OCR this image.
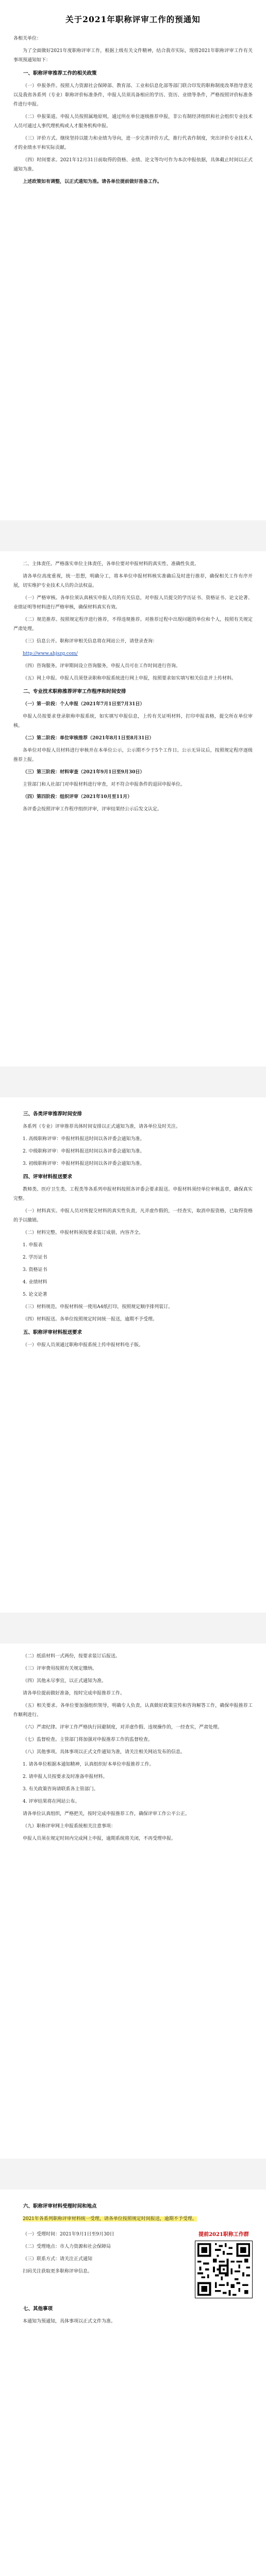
关于2021年职称评审工作的预通知

各相关单位：

为了全面做好2021年度职称评审工作，根据上级有关文件精神，结合我市实际，现将2021年职称评审工作有关事项预通知如下：

一、职称评审推荐工作的相关政策

（一）申报条件。按照人力资源社会保障部、教育部、工业和信息化部等部门联合印发的职称制度改革指导意见以及我省各系列（专业）职称评价标准条件，申报人员须具备相应的学历、资历、业绩等条件，严格按照评价标准条件进行申报。

（二）申报渠道。申报人员按照属地原则，通过所在单位逐级推荐申报，非公有制经济组织和社会组织专业技术人员可通过人事代理机构或人才服务机构申报。

（三）评价方式。继续坚持以能力和业绩为导向，进一步完善评价方式，推行代表作制度，突出评价专业技术人才的业绩水平和实际贡献。

（四）时间要求。2021年12月31日前取得的资格、业绩、论文等均可作为本次申报依据，具体截止时间以正式通知为准。

上述政策如有调整，以正式通知为准。请各单位提前做好准备工作。

二、主体责任。严格落实单位主体责任，各单位要对申报材料的真实性、准确性负责。

请各单位高度重视，统一思想，明确分工，将本单位申报材料核实准确后及时进行推荐，确保相关工作有序开展，切实维护专业技术人员的合法权益。

（一）严格审核。各单位须认真核实申报人员的有关信息，对申报人员提交的学历证书、资格证书、论文论著、业绩证明等材料进行严格审核，确保材料真实有效。

（二）规范推荐。按照规定程序进行推荐，不得违规推荐。对推荐过程中出现问题的单位和个人，按照有关规定严肃处理。

（三）信息公开。职称评审相关信息将在网站公开，请登录查询：

http://www.ahjszg.com/

（四）咨询服务。评审期间设立咨询服务，申报人员可在工作时间进行咨询。

（五）网上申报。申报人员须登录职称申报系统进行网上申报，按照要求如实填写相关信息并上传材料。

二、专业技术职称推荐评审工作程序和时间安排

（一）第一阶段：个人申报（2021年7月1日至7月31日）

申报人员按要求登录职称申报系统，如实填写申报信息，上传有关证明材料，打印申报表格，提交所在单位审核。

（二）第二阶段：单位审核推荐（2021年8月1日至8月31日）

各单位对申报人员材料进行审核并在本单位公示，公示期不少于5个工作日。公示无异议后，按照规定程序逐级推荐上报。

（三）第三阶段：材料审查（2021年9月1日至9月30日）

主管部门和人社部门对申报材料进行审查，对不符合申报条件的退回申报单位。

（四）第四阶段：组织评审（2021年10月至11月）

各评委会按照评审工作程序组织评审，评审结果经公示后发文认定。

三、各类评审推荐时间安排

各系列（专业）评审推荐具体时间安排以正式通知为准，请各单位及时关注。

1. 高级职称评审：申报材料报送时间以各评委会通知为准。

2. 中级职称评审：申报材料报送时间以各评委会通知为准。

3. 初级职称评审：申报材料报送时间以各评委会通知为准。

四、评审材料报送要求

教师类、医疗卫生类、工程类等各系列申报材料按照各评委会要求报送。申报材料须经单位审核盖章，确保真实完整。

（一）材料真实。申报人员对所提交材料的真实性负责，凡弄虚作假的，一经查实，取消申报资格，已取得资格的予以撤销。

（二）材料完整。申报材料须按要求装订成册，内容齐全。

1. 申报表

2. 学历证书

3. 资格证书

4. 业绩材料

5. 论文论著

（三）材料规范。申报材料统一使用A4纸打印，按照规定顺序排列装订。

（四）材料报送。各单位按照规定时间统一报送，逾期不予受理。

五、职称评审材料报送要求

（一）申报人员须通过职称申报系统上传申报材料电子版。

（二）纸质材料一式两份，按要求装订后报送。

（三）评审费用按照有关规定缴纳。

（四）其他未尽事宜，以正式通知为准。

请各单位提前做好准备，按时完成申报推荐工作。

（五）相关要求。各单位要加强组织领导，明确专人负责，认真做好政策宣传和咨询解答工作，确保申报推荐工作顺利进行。

（六）严肃纪律。评审工作严格执行回避制度，对弄虚作假、违规操作的，一经查实，严肃处理。

（七）监督检查。主管部门将加强对申报推荐工作的监督检查。

（八）其他事项。具体事项以正式文件通知为准，请关注相关网站发布的信息。

1. 请各单位根据本通知精神，认真组织好本单位申报推荐工作。

2. 请申报人员按要求及时准备申报材料。

3. 有关政策咨询请联系各主管部门。

4. 评审结果将在网站公布。

请各单位认真组织，严格把关，按时完成申报推荐工作，确保评审工作公平公正。

（九）职称评审网上申报系统相关注意事项：

申报人员须在规定时间内完成网上申报，逾期系统将关闭，不再受理申报。

六、职称评审材料受理时间和地点

2021年各系列职称评审材料统一受理，请各单位按照规定时间报送，逾期不予受理。

（一）受理时间：2021年9月1日至9月30日

（二）受理地点：市人力资源和社会保障局

（三）联系方式：请关注正式通知

扫码关注获取更多职称评审信息。

提前2021职称工作群

七、其他事项

本通知为预通知，具体事项以正式文件为准。
